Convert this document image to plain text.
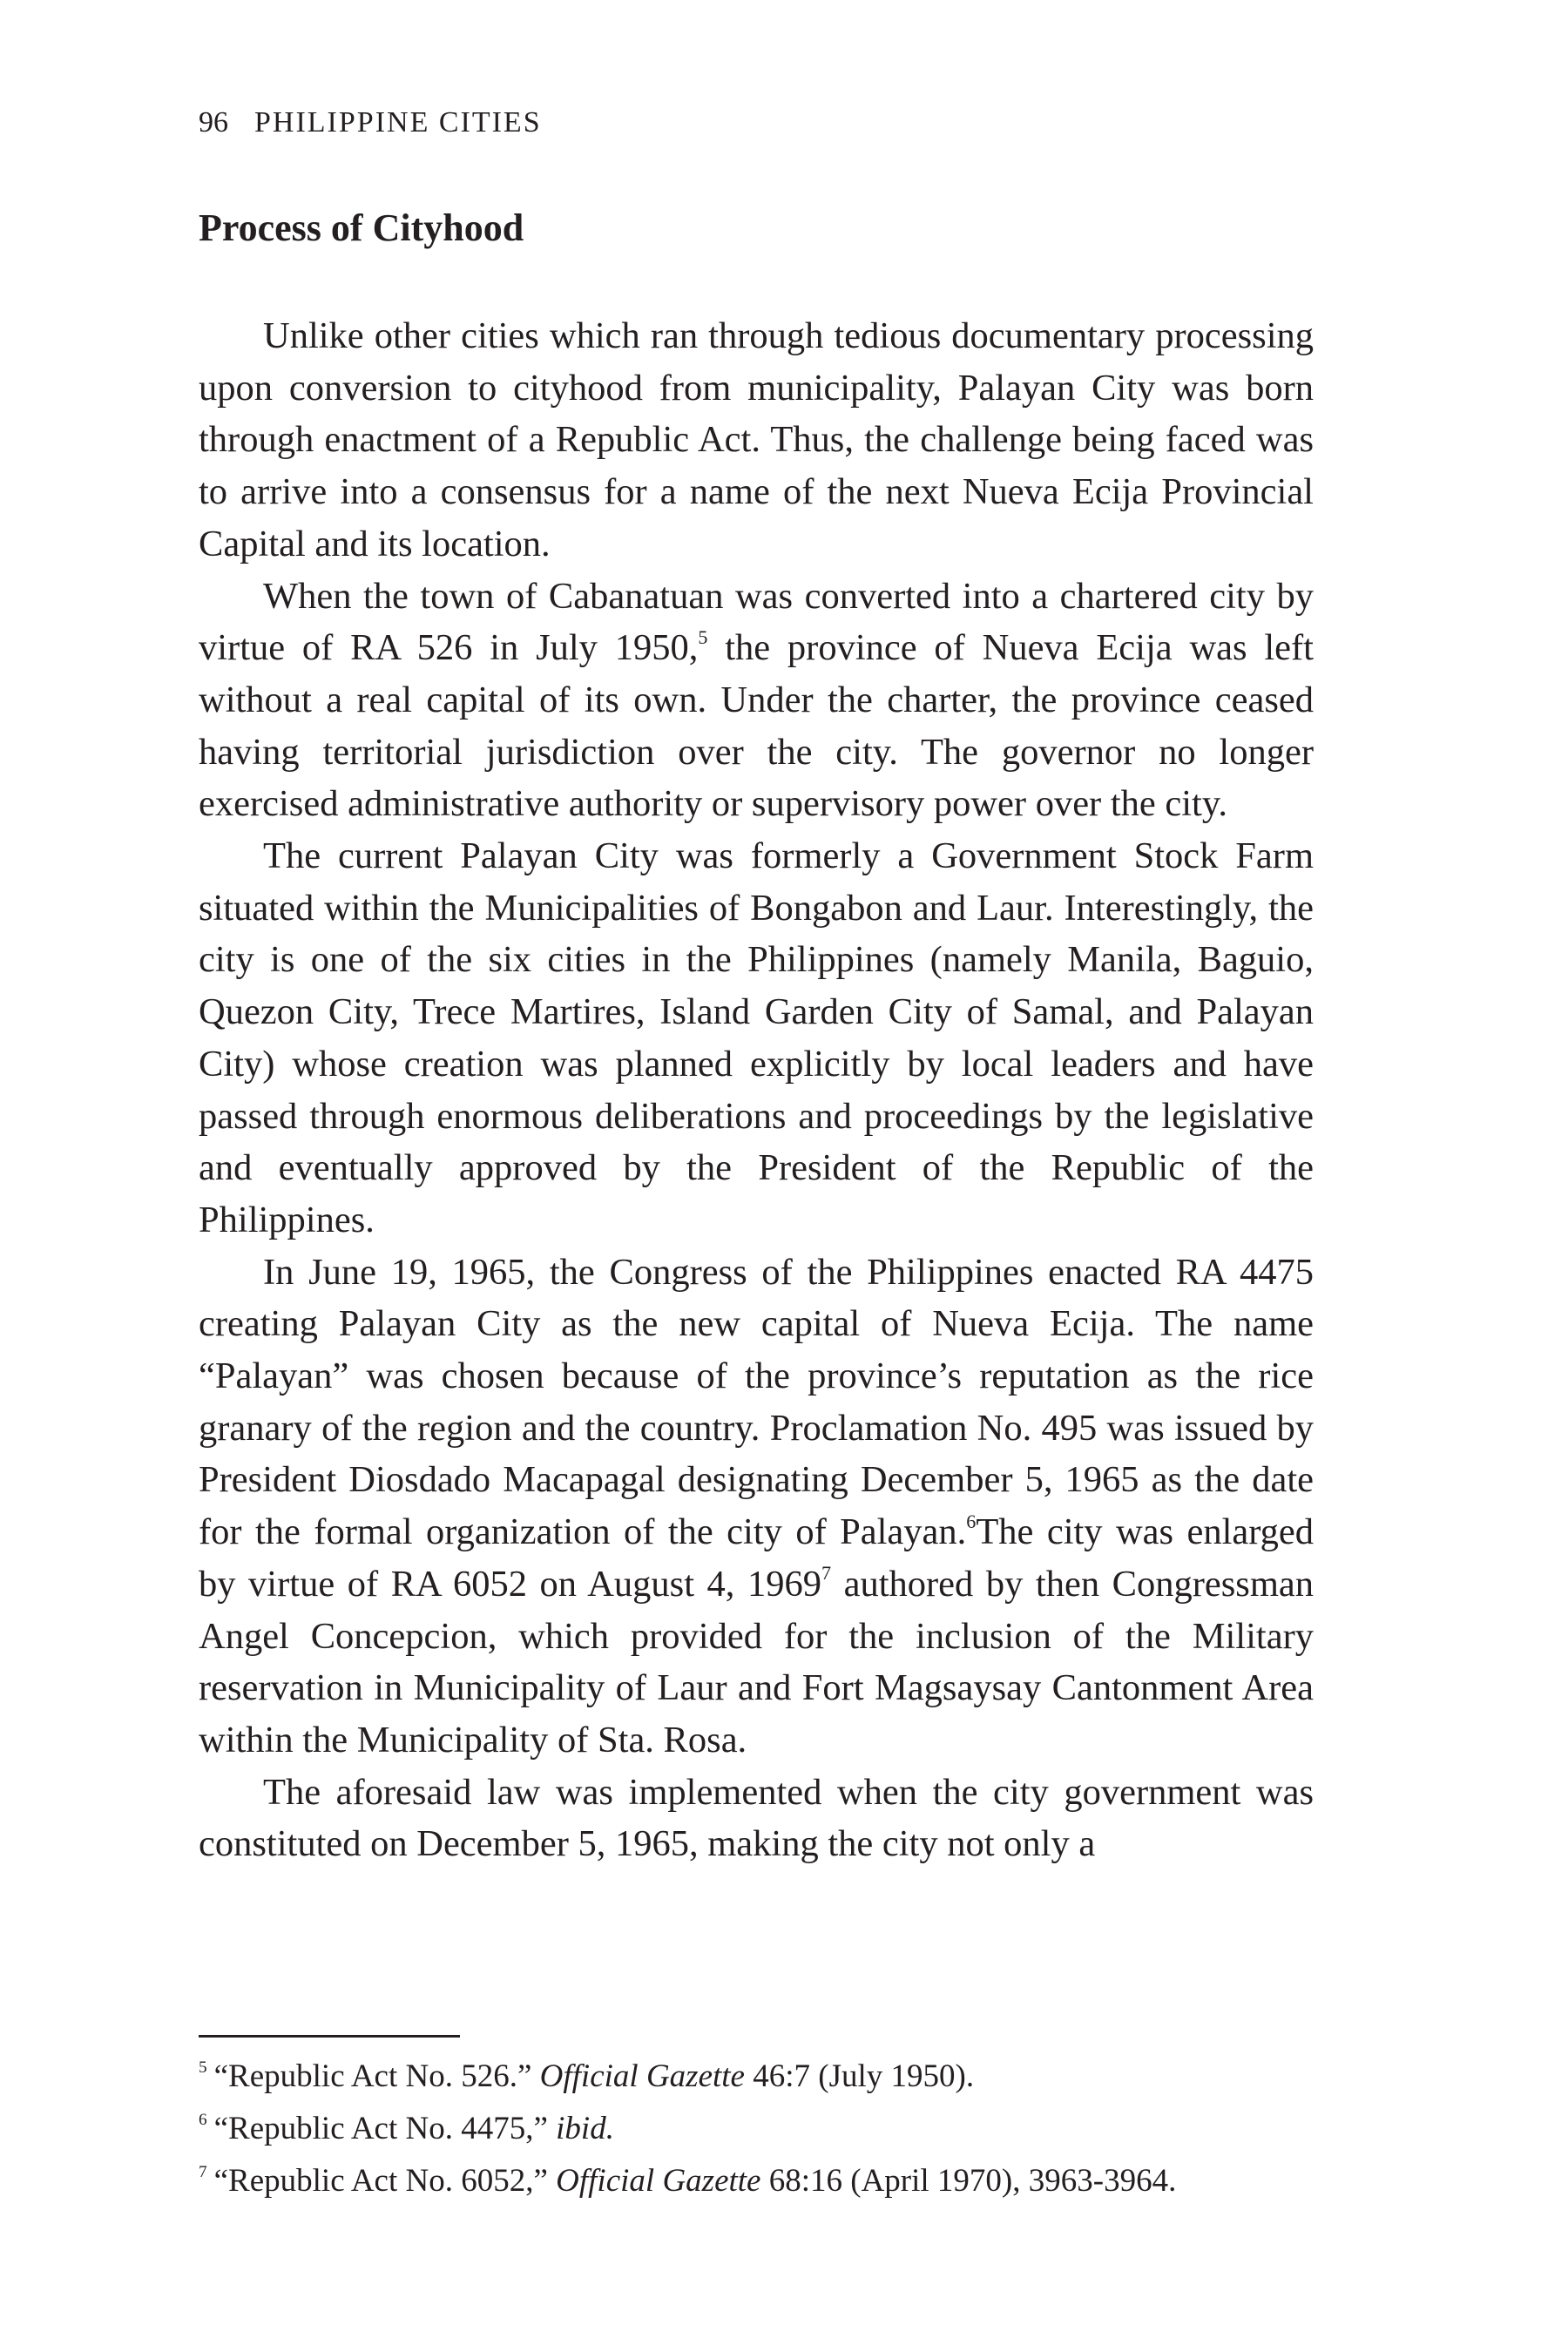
96 PHILIPPINE CITIES
Process of Cityhood

Unlike other cities which ran through tedious documentary processing upon conversion to cityhood from municipality, Palayan City was born through enactment of a Republic Act. Thus, the challenge being faced was to arrive into a consensus for a name of the next Nueva Ecija Provincial Capital and its location.

When the town of Cabanatuan was converted into a chartered city by virtue of RA 526 in July 1950,$^5$ the province of Nueva Ecija was left without a real capital of its own. Under the charter, the province ceased having territorial jurisdiction over the city. The governor no longer exercised administrative authority or supervisory power over the city.

The current Palayan City was formerly a Government Stock Farm situated within the Municipalities of Bongabon and Laur. Interestingly, the city is one of the six cities in the Philippines (namely Manila, Baguio, Quezon City, Trece Martires, Island Garden City of Samal, and Palayan City) whose creation was planned explicitly by local leaders and have passed through enormous deliberations and proceedings by the legislative and eventually approved by the President of the Republic of the Philippines.

In June 19, 1965, the Congress of the Philippines enacted RA 4475 creating Palayan City as the new capital of Nueva Ecija. The name “Palayan” was chosen because of the province’s reputation as the rice granary of the region and the country. Proclamation No. 495 was issued by President Diosdado Macapagal designating December 5, 1965 as the date for the formal organization of the city of Palayan.$^6$The city was enlarged by virtue of RA 6052 on August 4, 1969$^7$ authored by then Congressman Angel Concepcion, which provided for the inclusion of the Military reservation in Municipality of Laur and Fort Magsaysay Cantonment Area within the Municipality of Sta. Rosa.

The aforesaid law was implemented when the city government was constituted on December 5, 1965, making the city not only a

$^5$ “Republic Act No. 526.” Official Gazette 46:7 (July 1950).

$^6$ “Republic Act No. 4475,” ibid.

$^7$ “Republic Act No. 6052,” Official Gazette 68:16 (April 1970), 3963-3964.
